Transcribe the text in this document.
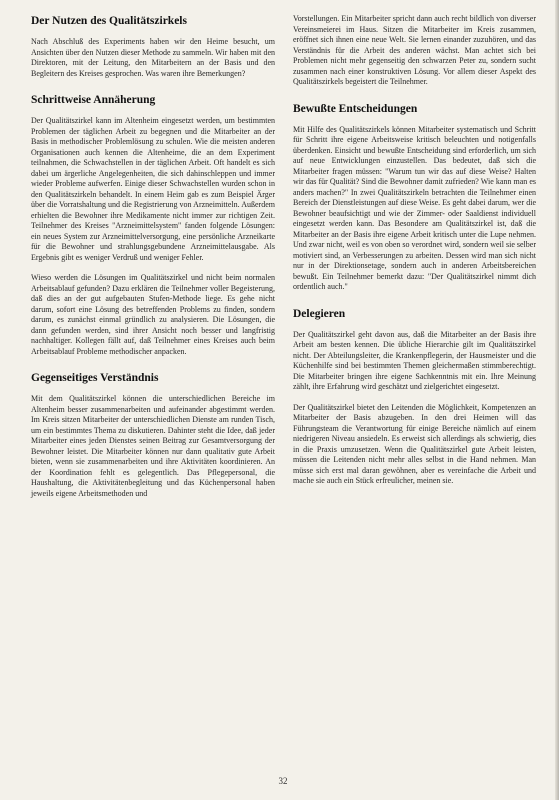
Der Nutzen des Qualitätszirkels

Nach Abschluß des Experiments haben wir den Heime besucht, um Ansichten über den Nutzen dieser Methode zu sammeln. Wir haben mit den Direktoren, mit der Leitung, den Mitarbeitern an der Basis und den Begleitern des Kreises gesprochen. Was waren ihre Bemerkungen?

Schrittweise Annäherung

Der Qualitätszirkel kann im Altenheim eingesetzt werden, um bestimmten Problemen der täglichen Arbeit zu begegnen und die Mitarbeiter an der Basis in methodischer Problemlösung zu schulen. Wie die meisten anderen Organisationen auch kennen die Altenheime, die an dem Experiment teilnahmen, die Schwachstellen in der täglichen Arbeit. Oft handelt es sich dabei um ärgerliche Angelegenheiten, die sich dahinschleppen und immer wieder Probleme aufwerfen. Einige dieser Schwachstellen wurden schon in den Qualitätszirkeln behandelt. In einem Heim gab es zum Beispiel Ärger über die Vorratshaltung und die Registrierung von Arzneimitteln. Außerdem erhielten die Bewohner ihre Medikamente nicht immer zur richtigen Zeit. Teilnehmer des Kreises "Arzneimittelsystem" fanden folgende Lösungen: ein neues System zur Arzneimittelversorgung, eine persönliche Arzneikarte für die Bewohner und strahlungsgebundene Arzneimittelausgabe. Als Ergebnis gibt es weniger Verdruß und weniger Fehler.

Wieso werden die Lösungen im Qualitätszirkel und nicht beim normalen Arbeitsablauf gefunden? Dazu erklären die Teilnehmer voller Begeisterung, daß dies an der gut aufgebauten Stufen-Methode liege. Es gehe nicht darum, sofort eine Lösung des betreffenden Problems zu finden, sondern darum, es zunächst einmal gründlich zu analysieren. Die Lösungen, die dann gefunden werden, sind ihrer Ansicht noch besser und langfristig nachhaltiger. Kollegen fällt auf, daß Teilnehmer eines Kreises auch beim Arbeitsablauf Probleme methodischer anpacken.

Gegenseitiges Verständnis

Mit dem Qualitätszirkel können die unterschiedlichen Bereiche im Altenheim besser zusammenarbeiten und aufeinander abgestimmt werden. Im Kreis sitzen Mitarbeiter der unterschiedlichen Dienste am runden Tisch, um ein bestimmtes Thema zu diskutieren. Dahinter steht die Idee, daß jeder Mitarbeiter eines jeden Dienstes seinen Beitrag zur Gesamtversorgung der Bewohner leistet. Die Mitarbeiter können nur dann qualitativ gute Arbeit bieten, wenn sie zusammenarbeiten und ihre Aktivitäten koordinieren. An der Koordination fehlt es gelegentlich. Das Pflegepersonal, die Haushaltung, die Aktivitätenbegleitung und das Küchenpersonal haben jeweils eigene Arbeitsmethoden und

Vorstellungen. Ein Mitarbeiter spricht dann auch recht bildlich von diverser Vereinsmeierei im Haus. Sitzen die Mitarbeiter im Kreis zusammen, eröffnet sich ihnen eine neue Welt. Sie lernen einander zuzuhören, und das Verständnis für die Arbeit des anderen wächst. Man achtet sich bei Problemen nicht mehr gegenseitig den schwarzen Peter zu, sondern sucht zusammen nach einer konstruktiven Lösung. Vor allem dieser Aspekt des Qualitätszirkels begeistert die Teilnehmer.

Bewußte Entscheidungen

Mit Hilfe des Qualitätszirkels können Mitarbeiter systematisch und Schritt für Schritt ihre eigene Arbeitsweise kritisch beleuchten und notigenfalls überdenken. Einsicht und bewußte Entscheidung sind erforderlich, um sich auf neue Entwicklungen einzustellen. Das bedeutet, daß sich die Mitarbeiter fragen müssen: "Warum tun wir das auf diese Weise? Halten wir das für Qualität? Sind die Bewohner damit zufrieden? Wie kann man es anders machen?" In zwei Qualitätszirkeln betrachten die Teilnehmer einen Bereich der Dienstleistungen auf diese Weise. Es geht dabei darum, wer die Bewohner beaufsichtigt und wie der Zimmer- oder Saaldienst individuell eingesetzt werden kann. Das Besondere am Qualitätszirkel ist, daß die Mitarbeiter an der Basis ihre eigene Arbeit kritisch unter die Lupe nehmen. Und zwar nicht, weil es von oben so verordnet wird, sondern weil sie selber motiviert sind, an Verbesserungen zu arbeiten. Dessen wird man sich nicht nur in der Direktionsetage, sondern auch in anderen Arbeitsbereichen bewußt. Ein Teilnehmer bemerkt dazu: "Der Qualitätszirkel nimmt dich ordentlich auch."

Delegieren

Der Qualitätszirkel geht davon aus, daß die Mitarbeiter an der Basis ihre Arbeit am besten kennen. Die übliche Hierarchie gilt im Qualitätszirkel nicht. Der Abteilungsleiter, die Krankenpflegerin, der Hausmeister und die Küchenhilfe sind bei bestimmten Themen gleichermaßen stimmberechtigt. Die Mitarbeiter bringen ihre eigene Sachkenntnis mit ein. Ihre Meinung zählt, ihre Erfahrung wird geschätzt und zielgerichtet eingesetzt.

Der Qualitätszirkel bietet den Leitenden die Möglichkeit, Kompetenzen an Mitarbeiter der Basis abzugeben. In den drei Heimen will das Führungsteam die Verantwortung für einige Bereiche nämlich auf einem niedrigeren Niveau ansiedeln. Es erweist sich allerdings als schwierig, dies in die Praxis umzusetzen. Wenn die Qualitätszirkel gute Arbeit leisten, müssen die Leitenden nicht mehr alles selbst in die Hand nehmen. Man müsse sich erst mal daran gewöhnen, aber es vereinfache die Arbeit und mache sie auch ein Stück erfreulicher, meinen sie.

32
